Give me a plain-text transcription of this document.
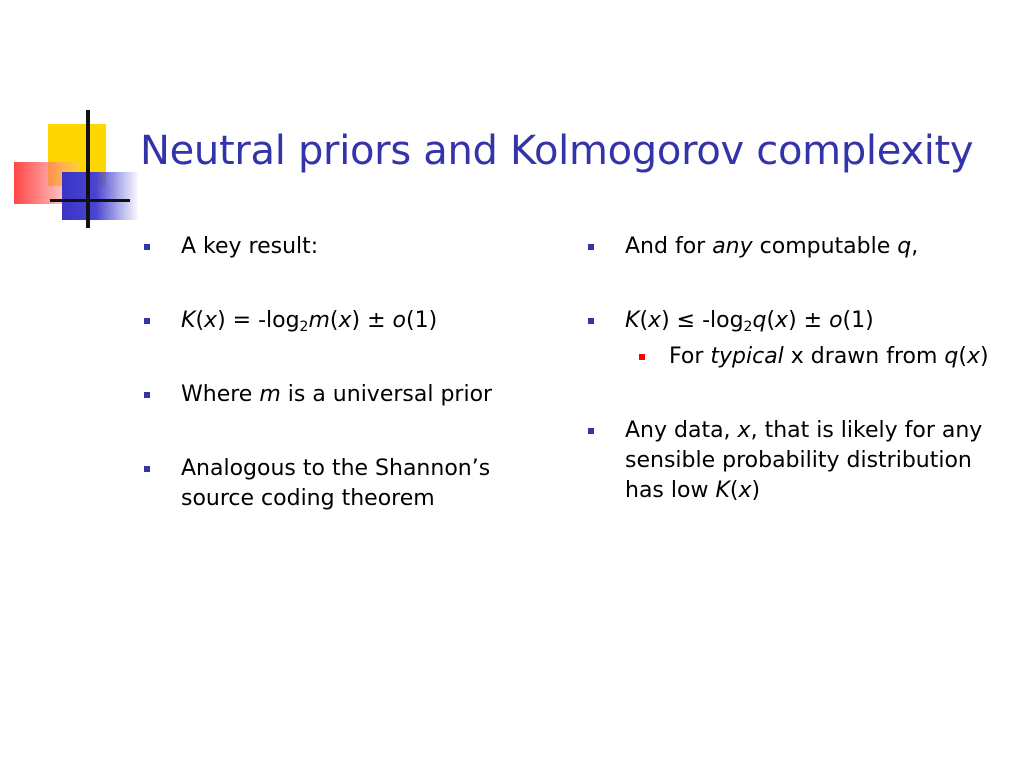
Neutral priors and Kolmogorov complexity
A key result:
$K(x) = -\log_2m(x) \pm o(1)$
Where m is a universal prior
Analogous to the Shannon’s source coding theorem
And for any computable q,
$K(x) \le -\log_2q(x) \pm o(1)$
For typical x drawn from q(x)
Any data, x, that is likely for any sensible probability distribution has low K(x)
